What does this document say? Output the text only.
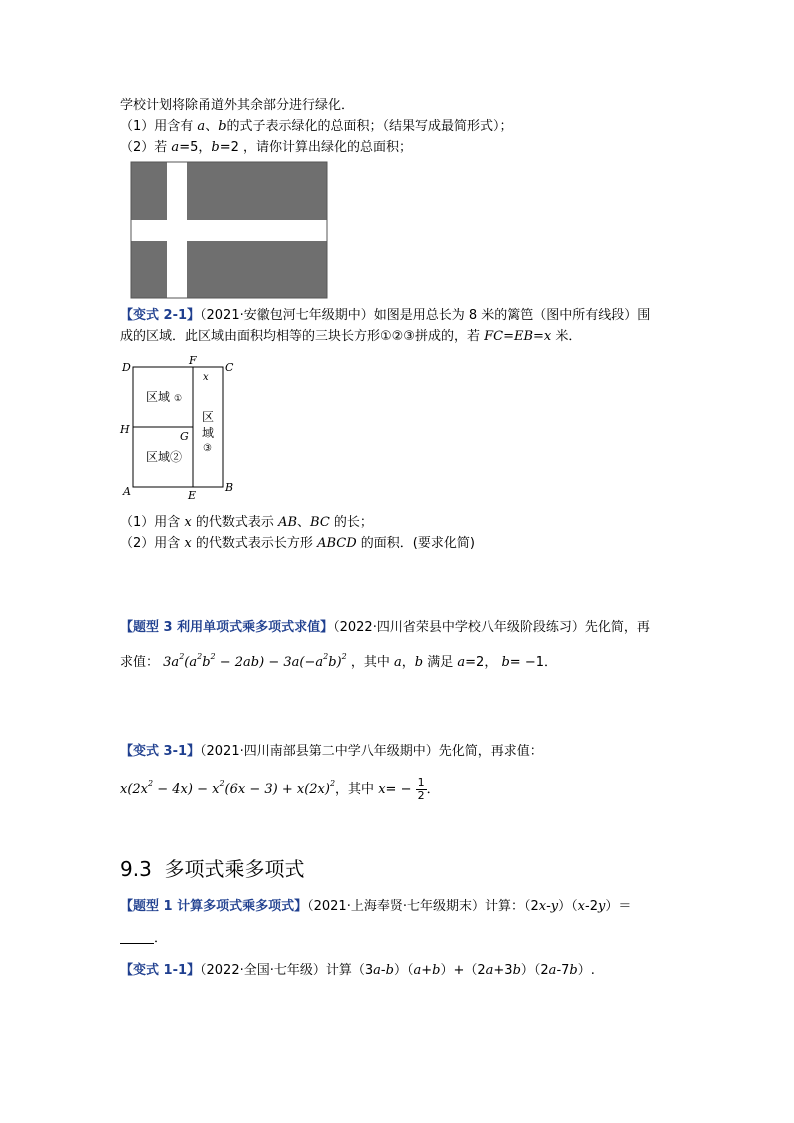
学校计划将除甬道外其余部分进行绿化．
（1）用含有 a、b的式子表示绿化的总面积；（结果写成最简形式）；
（2）若 a=5，b=2 ，请你计算出绿化的总面积；
【变式 2-1】（2021·安徽包河七年级期中）如图是用总长为 8 米的篱笆（图中所有线段）围
成的区域．此区域由面积均相等的三块长方形①②③拼成的，若 FC=EB=x 米．
D
F
C
H
G
A	E
B
x
区域 ①
区域②
区
域
③
（1）用含 x 的代数式表示 AB、BC 的长；
（2）用含 x 的代数式表示长方形 ABCD 的面积．(要求化简)
【题型 3 利用单项式乘多项式求值】（2022·四川省荣县中学校八年级阶段练习）先化简，再
求值： $3a^2(a^2b^2 - 2ab) - 3a(-a^2b)^2$ ，其中 a，b 满足 a=2， b= −1．
【变式 3-1】（2021·四川南部县第二中学八年级期中）先化简，再求值：
$x(2x^2 - 4x) - x^2(6x - 3) + x(2x)^2$，其中 $x= - \frac{1}{2}$ ．
9.3 多项式乘多项式
【题型 1 计算多项式乘多项式】（2021·上海奉贤·七年级期末）计算：（2x-y）（x-2y）＝
．
【变式 1-1】（2022·全国·七年级）计算（3a-b）（a+b）+（2a+3b）（2a-7b）.
